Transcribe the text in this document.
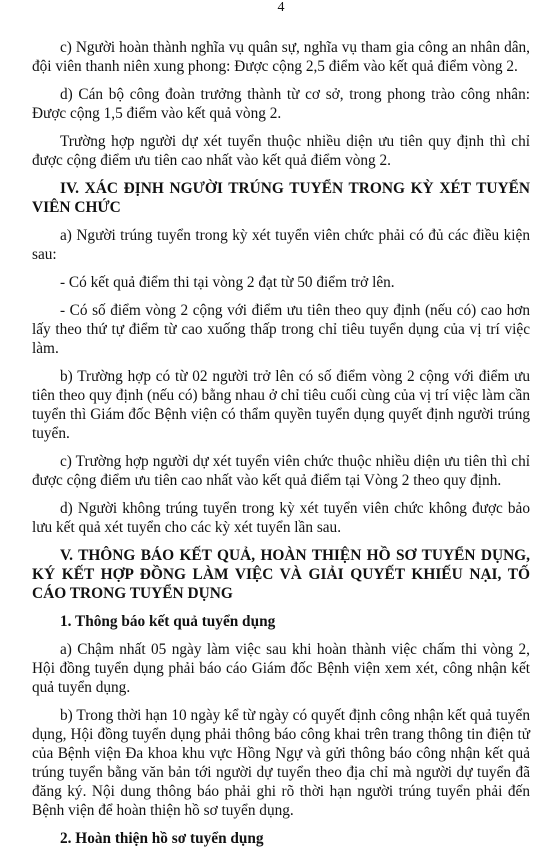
4

c) Người hoàn thành nghĩa vụ quân sự, nghĩa vụ tham gia công an nhân dân, đội viên thanh niên xung phong: Được cộng 2,5 điểm vào kết quả điểm vòng 2.

d) Cán bộ công đoàn trưởng thành từ cơ sở, trong phong trào công nhân: Được cộng 1,5 điểm vào kết quả vòng 2.

Trường hợp người dự xét tuyển thuộc nhiều diện ưu tiên quy định thì chỉ được cộng điểm ưu tiên cao nhất vào kết quả điểm vòng 2.

IV. XÁC ĐỊNH NGƯỜI TRÚNG TUYỂN TRONG KỲ XÉT TUYỂN VIÊN CHỨC

a) Người trúng tuyển trong kỳ xét tuyển viên chức phải có đủ các điều kiện sau:

- Có kết quả điểm thi tại vòng 2 đạt từ 50 điểm trở lên.

- Có số điểm vòng 2 cộng với điểm ưu tiên theo quy định (nếu có) cao hơn lấy theo thứ tự điểm từ cao xuống thấp trong chỉ tiêu tuyển dụng của vị trí việc làm.

b) Trường hợp có từ 02 người trở lên có số điểm vòng 2 cộng với điểm ưu tiên theo quy định (nếu có) bằng nhau ở chỉ tiêu cuối cùng của vị trí việc làm cần tuyển thì Giám đốc Bệnh viện có thẩm quyền tuyển dụng quyết định người trúng tuyển.

c) Trường hợp người dự xét tuyển viên chức thuộc nhiều diện ưu tiên thì chỉ được cộng điểm ưu tiên cao nhất vào kết quả điểm tại Vòng 2 theo quy định.

d) Người không trúng tuyển trong kỳ xét tuyển viên chức không được bảo lưu kết quả xét tuyển cho các kỳ xét tuyển lần sau.

V. THÔNG BÁO KẾT QUẢ, HOÀN THIỆN HỒ SƠ TUYỂN DỤNG, KÝ KẾT HỢP ĐỒNG LÀM VIỆC VÀ GIẢI QUYẾT KHIẾU NẠI, TỐ CÁO TRONG TUYỂN DỤNG
1. Thông báo kết quả tuyển dụng

a) Chậm nhất 05 ngày làm việc sau khi hoàn thành việc chấm thi vòng 2, Hội đồng tuyển dụng phải báo cáo Giám đốc Bệnh viện xem xét, công nhận kết quả tuyển dụng.

b) Trong thời hạn 10 ngày kể từ ngày có quyết định công nhận kết quả tuyển dụng, Hội đồng tuyển dụng phải thông báo công khai trên trang thông tin điện tử của Bệnh viện Đa khoa khu vực Hồng Ngự và gửi thông báo công nhận kết quả trúng tuyển bằng văn bản tới người dự tuyển theo địa chỉ mà người dự tuyển đã đăng ký. Nội dung thông báo phải ghi rõ thời hạn người trúng tuyển phải đến Bệnh viện để hoàn thiện hồ sơ tuyển dụng.

2. Hoàn thiện hồ sơ tuyển dụng
